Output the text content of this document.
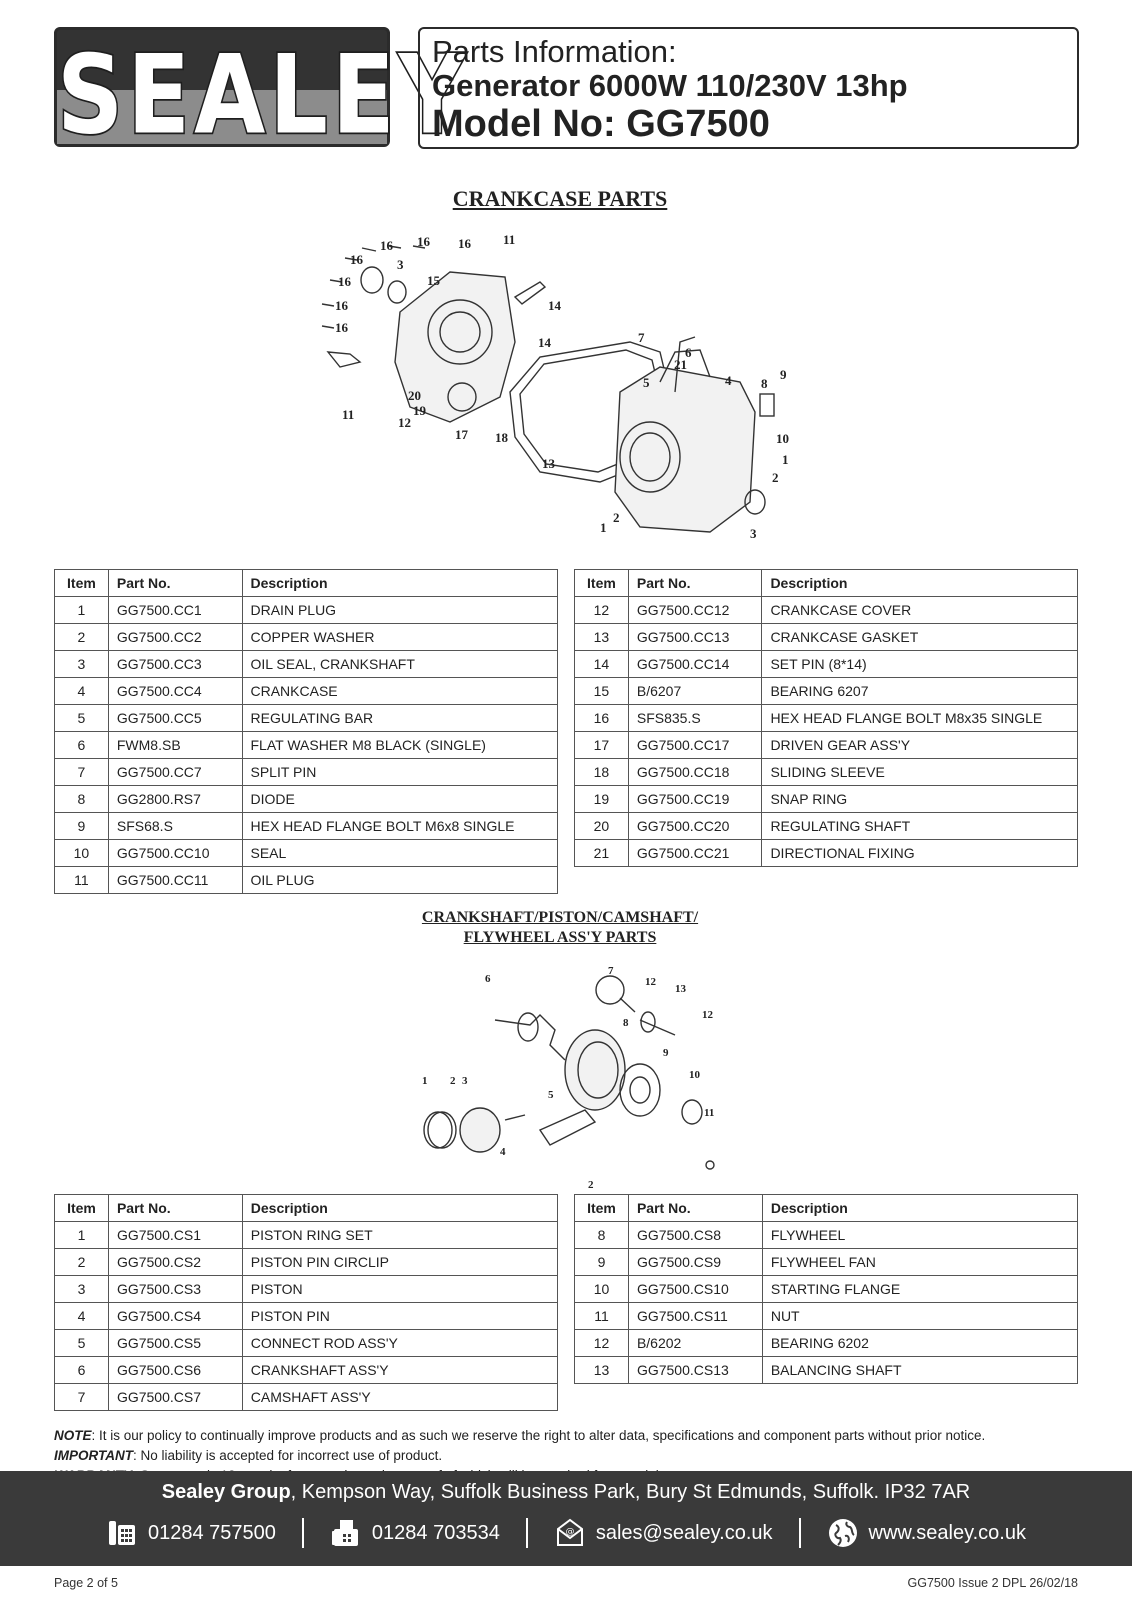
SEALEY
Parts Information:
Generator 6000W 110/230V 13hp
Model No: GG7500
CRANKCASE PARTS
16 16 16 11
16	3
16	15
16	14
16
14	7
6
21
9
5	4 8
20
11	19
12
17 18	10
1
13
2
2
1	3
Item	Part No.	Description
1	GG7500.CC1	DRAIN PLUG
2	GG7500.CC2	COPPER WASHER
3	GG7500.CC3	OIL SEAL, CRANKSHAFT
4	GG7500.CC4	CRANKCASE
5	GG7500.CC5	REGULATING BAR
6	FWM8.SB	FLAT WASHER M8 BLACK (SINGLE)
7	GG7500.CC7	SPLIT PIN
8	GG2800.RS7	DIODE
9	SFS68.S	HEX HEAD FLANGE BOLT M6x8 SINGLE
10	GG7500.CC10	SEAL
11	GG7500.CC11	OIL PLUG
Item	Part No.	Description
12	GG7500.CC12	CRANKCASE COVER
13	GG7500.CC13	CRANKCASE GASKET
14	GG7500.CC14	SET PIN (8*14)
15	B/6207	BEARING 6207
16	SFS835.S	HEX HEAD FLANGE BOLT M8x35 SINGLE
17	GG7500.CC17	DRIVEN GEAR ASS'Y
18	GG7500.CC18	SLIDING SLEEVE
19	GG7500.CC19	SNAP RING
20	GG7500.CC20	REGULATING SHAFT
21	GG7500.CC21	DIRECTIONAL FIXING
CRANKSHAFT/PISTON/CAMSHAFT/
FLYWHEEL ASS'Y PARTS
7
6	12
13
12
8
9
10
1 2 3
5
11
4
2
Item	Part No.	Description
1	GG7500.CS1	PISTON RING SET
2	GG7500.CS2	PISTON PIN CIRCLIP
3	GG7500.CS3	PISTON
4	GG7500.CS4	PISTON PIN
5	GG7500.CS5	CONNECT ROD ASS'Y
6	GG7500.CS6	CRANKSHAFT ASS'Y
7	GG7500.CS7	CAMSHAFT ASS'Y
Item	Part No.	Description
8	GG7500.CS8	FLYWHEEL
9	GG7500.CS9	FLYWHEEL FAN
10	GG7500.CS10	STARTING FLANGE
11	GG7500.CS11	NUT
12	B/6202	BEARING 6202
13	GG7500.CS13	BALANCING SHAFT
NOTE: It is our policy to continually improve products and as such we reserve the right to alter data, specifications and component parts without prior notice.
IMPORTANT: No liability is accepted for incorrect use of product.
Sealey Group, Kempson Way, Suffolk Business Park, Bury St Edmunds, Suffolk. IP32 7AR
01284 757500	01284 703534	@ sales@sealey.co.uk	www.sealey.co.uk
Page 2 of 5	GG7500 Issue 2 DPL 26/02/18
